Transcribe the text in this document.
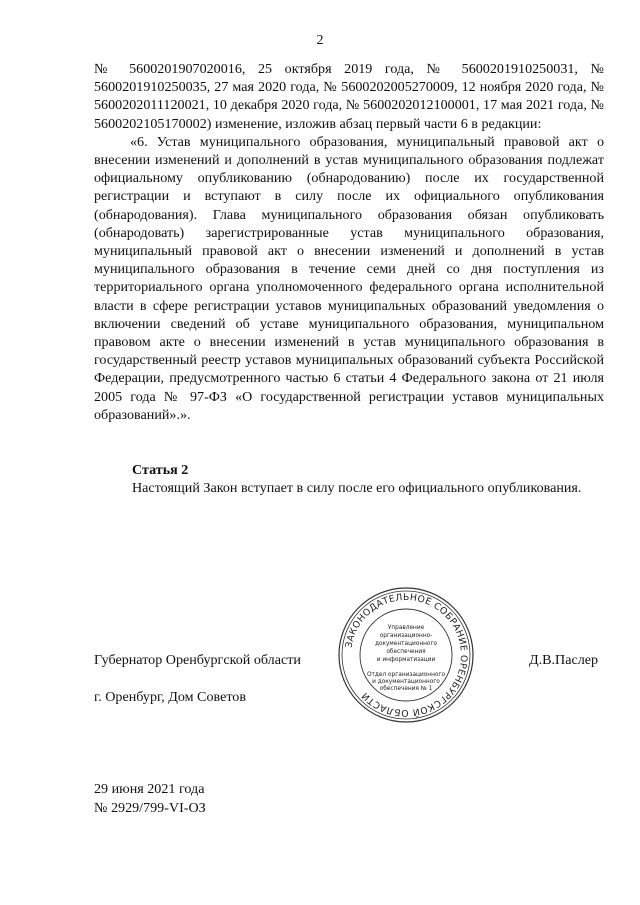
2

№ 5600201907020016, 25 октября 2019 года, № 5600201910250031, № 5600201910250035, 27 мая 2020 года, № 5600202005270009, 12 ноября 2020 года, № 5600202011120021, 10 декабря 2020 года, № 5600202012100001, 17 мая 2021 года, № 5600202105170002) изменение, изложив абзац первый части 6 в редакции:

«6. Устав муниципального образования, муниципальный правовой акт о внесении изменений и дополнений в устав муниципального образования подлежат официальному опубликованию (обнародованию) после их государственной регистрации и вступают в силу после их официального опубликования (обнародования). Глава муниципального образования обязан опубликовать (обнародовать) зарегистрированные устав муниципального образования, муниципальный правовой акт о внесении изменений и дополнений в устав муниципального образования в течение семи дней со дня поступления из территориального органа уполномоченного федерального органа исполнительной власти в сфере регистрации уставов муниципальных образований уведомления о включении сведений об уставе муниципального образования, муниципальном правовом акте о внесении изменений в устав муниципального образования в государственный реестр уставов муниципальных образований субъекта Российской Федерации, предусмотренного частью 6 статьи 4 Федерального закона от 21 июля 2005 года № 97-ФЗ «О государственной регистрации уставов муниципальных образований».».

Статья 2
Настоящий Закон вступает в силу после его официального опубликования.
ЗАКОНОДАТЕЛЬНОЕ СОБРАНИЕ ОРЕНБУРГСКОЙ ОБЛАСТИ
Управление
организационно-
документационного
обеспечения
и информатизации
Отдел организационного
и документационного
обеспечения № 1
Губернатор Оренбургской области	Д.В.Паслер
г. Оренбург, Дом Советов
29 июня 2021 года
№ 2929/799-VI-ОЗ
